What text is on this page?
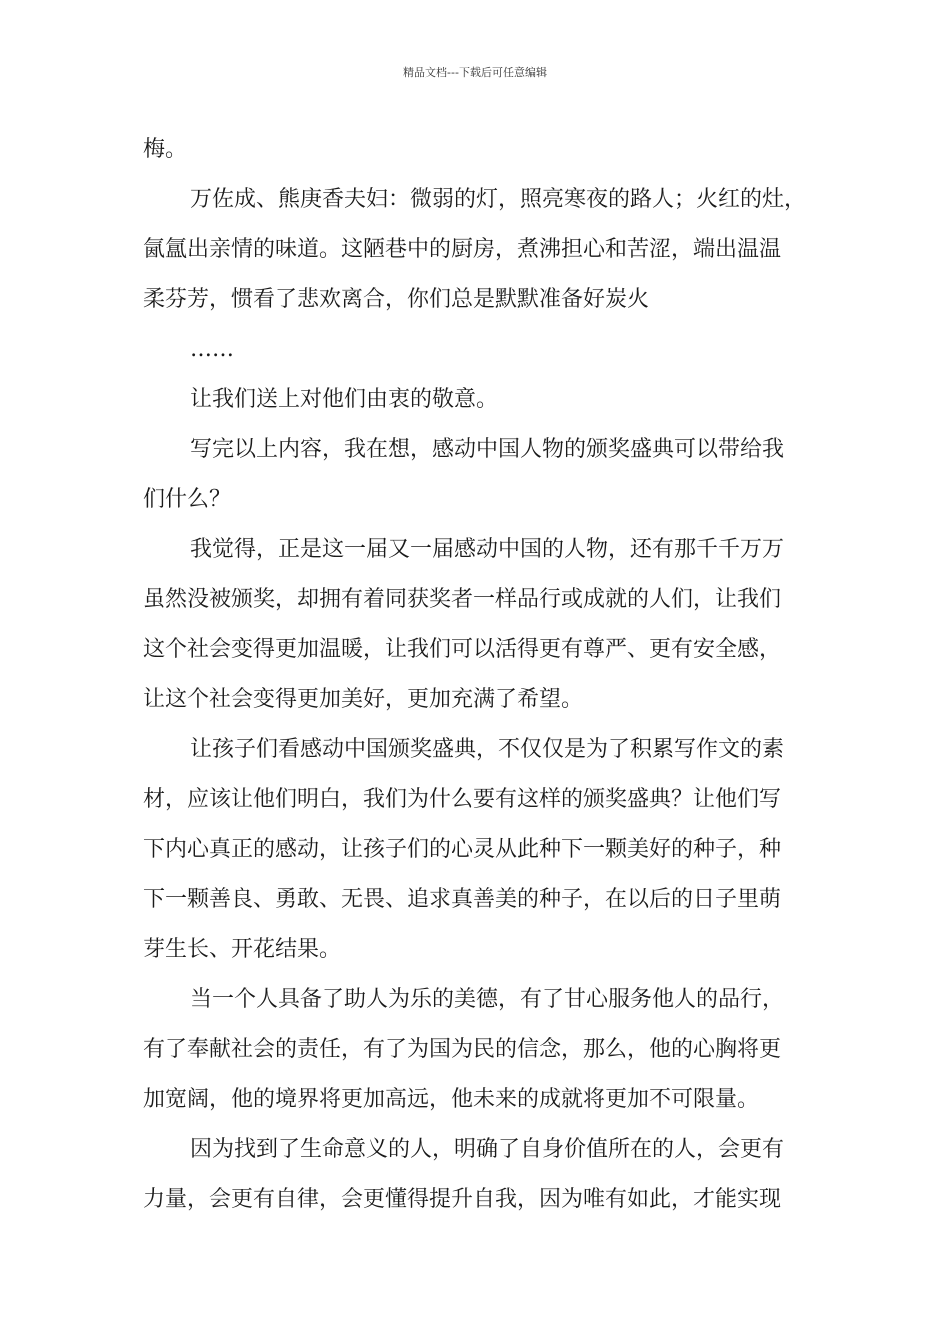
精品文档---下载后可任意编辑
梅。
万佐成、熊庚香夫妇：微弱的灯，照亮寒夜的路人；火红的灶，
氤氲出亲情的味道。这陋巷中的厨房，煮沸担心和苦涩，端出温温
柔芬芳，惯看了悲欢离合，你们总是默默准备好炭火
……
让我们送上对他们由衷的敬意。
写完以上内容，我在想，感动中国人物的颁奖盛典可以带给我
们什么？
我觉得，正是这一届又一届感动中国的人物，还有那千千万万
虽然没被颁奖，却拥有着同获奖者一样品行或成就的人们，让我们
这个社会变得更加温暖，让我们可以活得更有尊严、更有安全感，
让这个社会变得更加美好，更加充满了希望。
让孩子们看感动中国颁奖盛典，不仅仅是为了积累写作文的素
材，应该让他们明白，我们为什么要有这样的颁奖盛典？让他们写
下内心真正的感动，让孩子们的心灵从此种下一颗美好的种子，种
下一颗善良、勇敢、无畏、追求真善美的种子，在以后的日子里萌
芽生长、开花结果。
当一个人具备了助人为乐的美德，有了甘心服务他人的品行，
有了奉献社会的责任，有了为国为民的信念，那么，他的心胸将更
加宽阔，他的境界将更加高远，他未来的成就将更加不可限量。
因为找到了生命意义的人，明确了自身价值所在的人，会更有
力量，会更有自律，会更懂得提升自我，因为唯有如此，才能实现
